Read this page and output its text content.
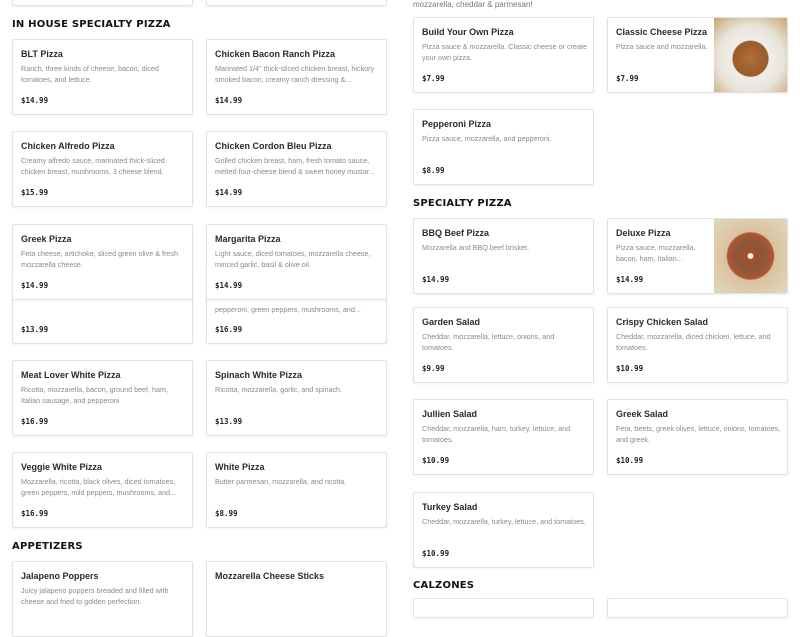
mozzarella, cheddar & parmesan!
IN HOUSE SPECIALTY PIZZA
APPETIZERS
SPECIALTY PIZZA
CALZONES
BLT Pizza
Ranch, three kinds of cheese, bacon, diced tomatoes, and lettuce.
$14.99
Chicken Bacon Ranch Pizza
Marinated 1/4" thick-sliced chicken breast, hickory smoked bacon, creamy ranch dressing &...
$14.99
Chicken Alfredo Pizza
Creamy alfredo sauce, marinated thick-sliced chicken breast, mushrooms, 3 cheese blend.
$15.99
Chicken Cordon Bleu Pizza
Grilled chicken breast, ham, fresh tomato sauce, melted four-cheese blend & sweet honey mustar...
$14.99
Greek Pizza
Feta cheese, artichoke, sliced green olive & fresh mozzarella cheese.
$14.99
Margarita Pizza
Light sauce, diced tomatoes, mozzarella cheese, minced garlic, basil & olive oil.
$14.99
$13.99
pepperoni, green peppers, mushrooms, and...
$16.99
Meat Lover White Pizza
Ricotta, mozzarella, bacon, ground beef, ham, Italian sausage, and pepperoni
$16.99
Spinach White Pizza
Ricotta, mozzarella, garlic, and spinach.
$13.99
Veggie White Pizza
Mozzarella, ricotta, black olives, diced tomatoes, green peppers, mild peppers, mushrooms, and...
$16.99
White Pizza
Butter parmesan, mozzarella, and ricotta.
$8.99
Jalapeno Poppers
Juicy jalapeno poppers breaded and filled with cheese and fried to golden perfection.
Mozzarella Cheese Sticks
Build Your Own Pizza
Pizza sauce & mozzarella. Classic cheese or create your own pizza.
$7.99
Classic Cheese Pizza
Pizza sauce and mozzarella.
$7.99
Pepperoni Pizza
Pizza sauce, mozzarella, and pepperoni.
$8.99
BBQ Beef Pizza
Mozzarella and BBQ beef brisket.
$14.99
Deluxe Pizza
Pizza sauce, mozzarella, bacon, ham, Italian...
$14.99
Garden Salad
Cheddar, mozzarella, lettuce, onions, and tomatoes.
$9.99
Crispy Chicken Salad
Cheddar, mozzarella, diced chicken, lettuce, and tomatoes.
$10.99
Jullien Salad
Cheddar, mozzarella, ham, turkey, lettuce, and tomatoes.
$10.99
Greek Salad
Feta, beets, greek olives, lettuce, onions, tomatoes, and greek.
$10.99
Turkey Salad
Cheddar, mozzarella, turkey, lettuce, and tomatoes.
$10.99
